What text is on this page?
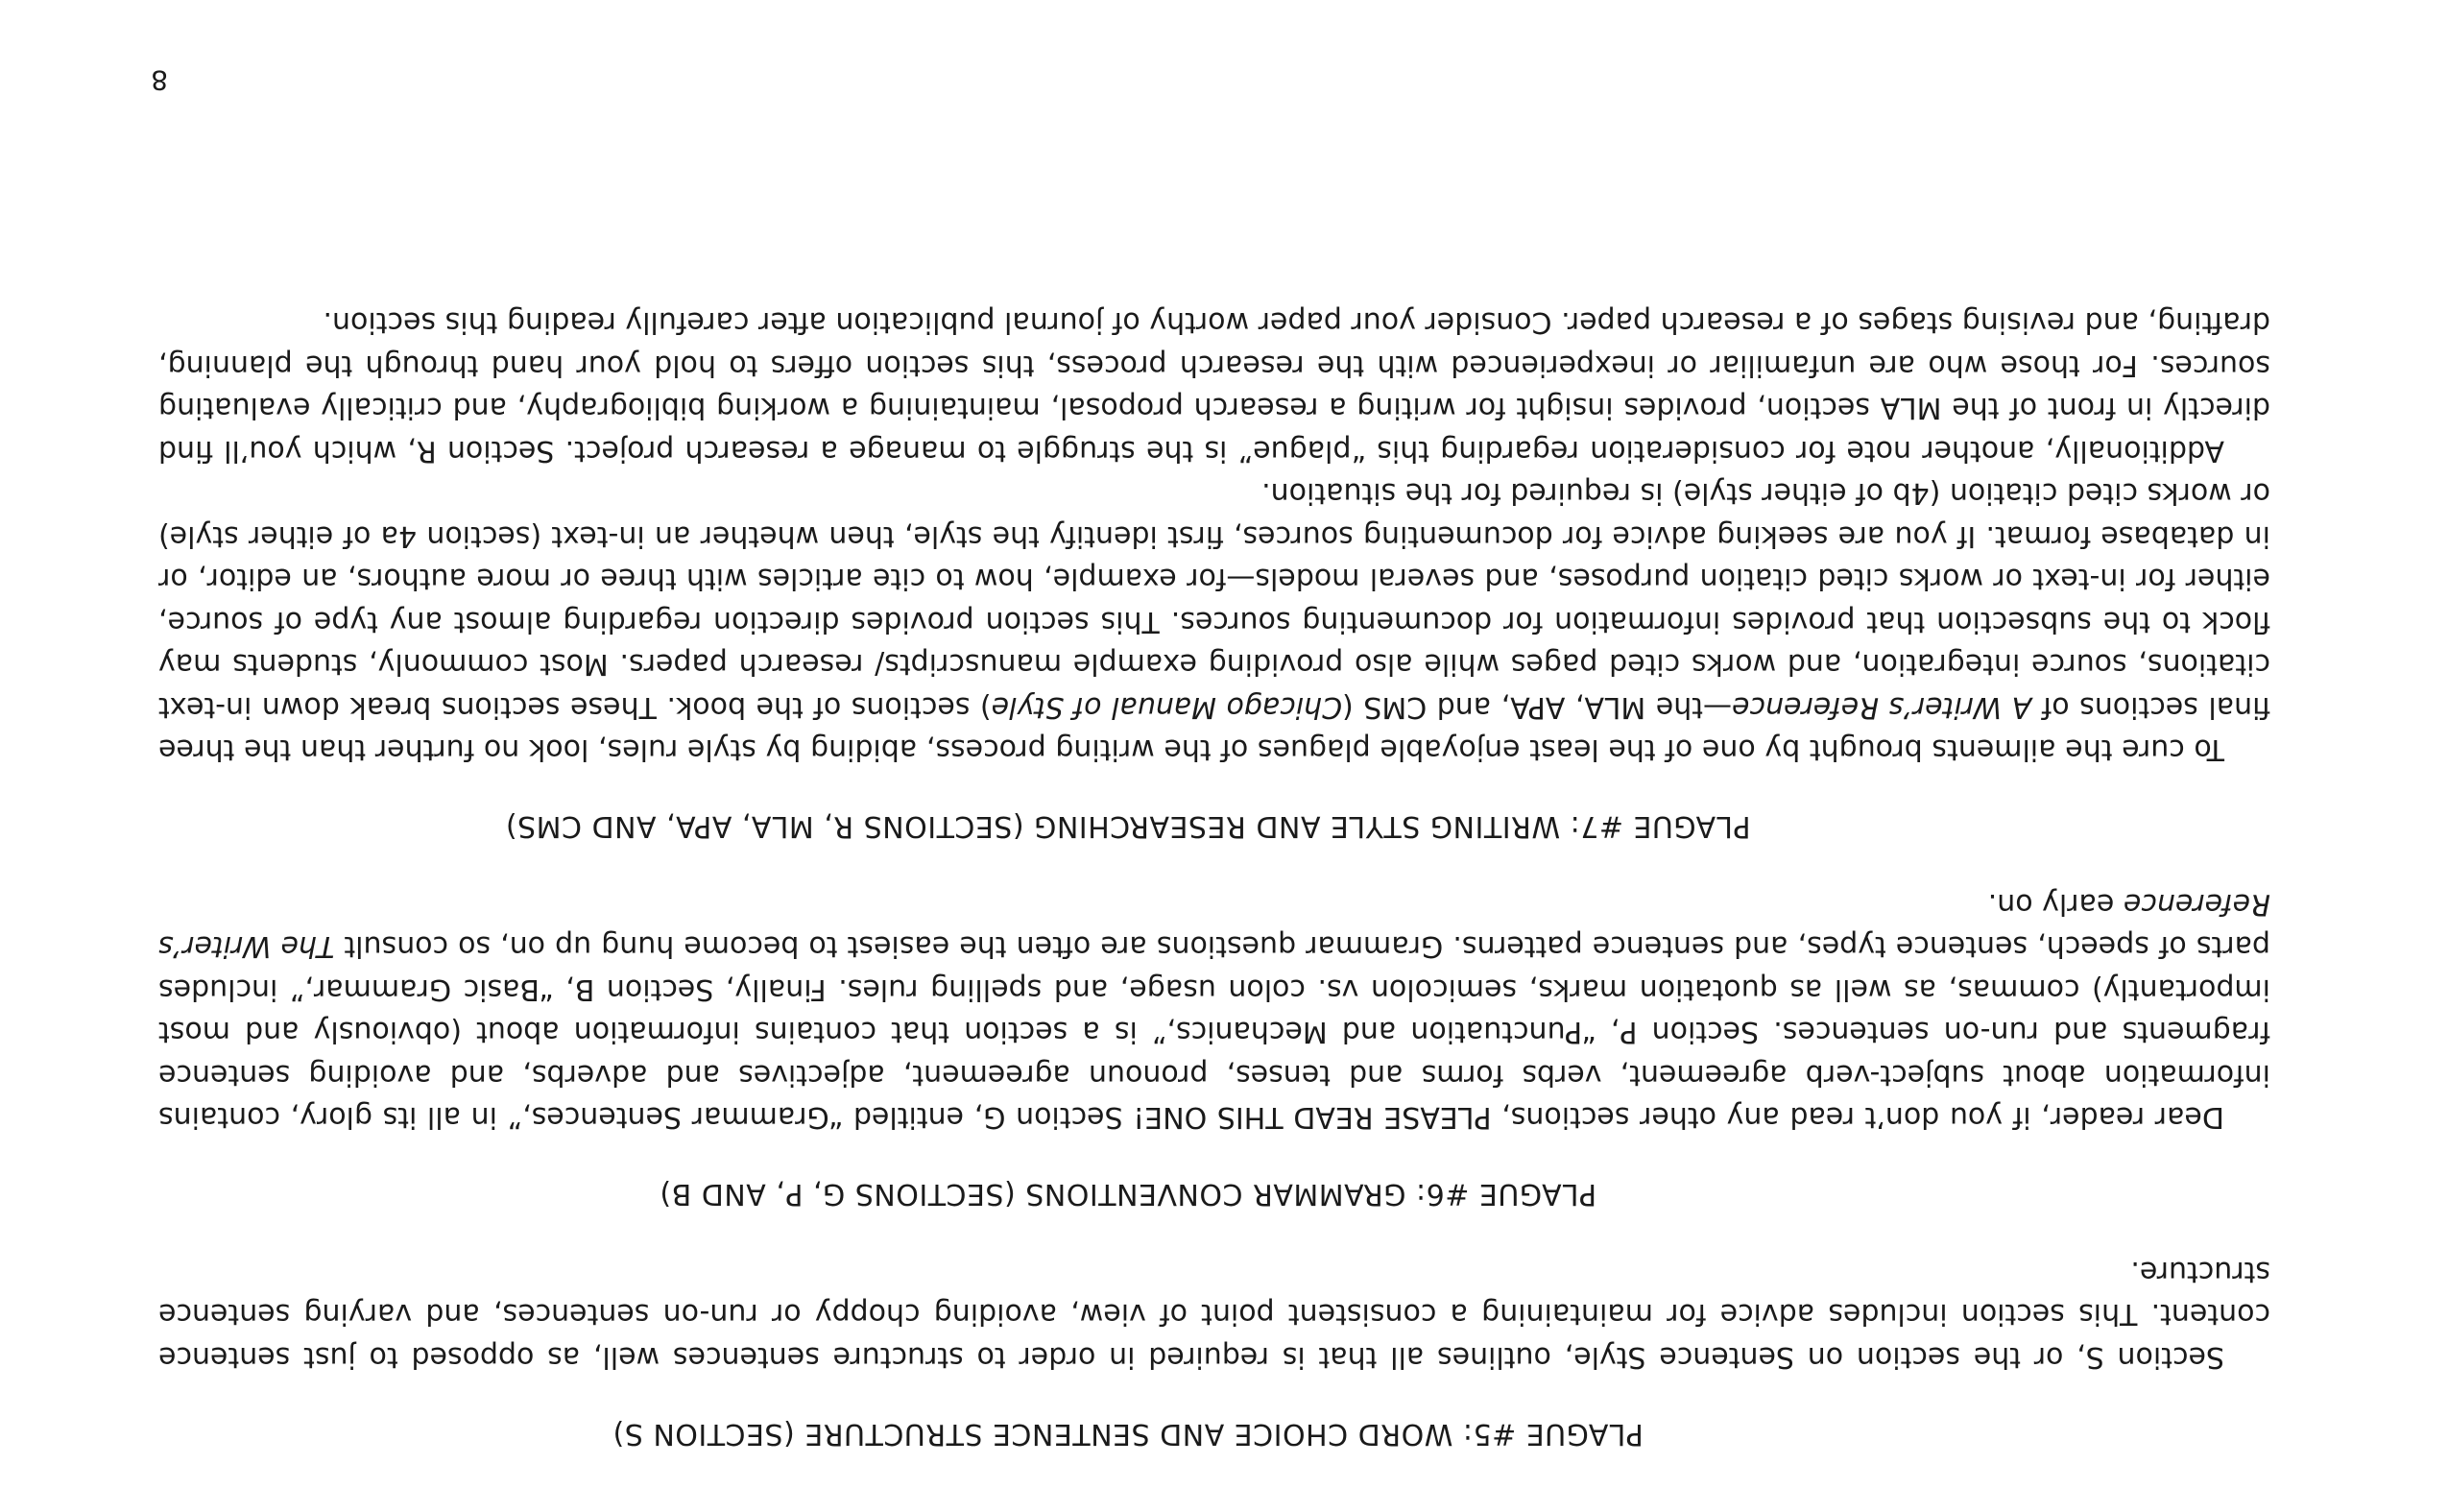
PLAGUE #5: WORD CHOICE AND SENTENCE STRUCTURE (SECTION S)

Section S, or the section on Sentence Style, outlines all that is required in order to structure sentences well, as opposed to just sentence content. This section includes advice for maintaining a consistent point of view, avoiding choppy or run-on sentences, and varying sentence structure.

PLAGUE #6: GRAMMAR CONVENTIONS (SECTIONS G, P, AND B)

Dear reader, if you don’t read any other sections, PLEASE READ THIS ONE! Section G, entitled “Grammar Sentences,” in all its glory, contains information about subject-verb agreement, verbs forms and tenses, pronoun agreement, adjectives and adverbs, and avoiding sentence fragments and run-on sentences. Section P, “Punctuation and Mechanics,” is a section that contains information about (obviously and most importantly) commas, as well as quotation marks, semicolon vs. colon usage, and spelling rules. Finally, Section B, “Basic Grammar,” includes parts of speech, sentence types, and sentence patterns. Grammar questions are often the easiest to become hung up on, so consult The Writer’s Reference early on.

PLAGUE #7: WRITING STYLE AND RESEARCHING (SECTIONS R, MLA, APA, AND CMS)

To cure the ailments brought by one of the least enjoyable plagues of the writing process, abiding by style rules, look no further than the three final sections of A Writer’s Reference—the MLA, APA, and CMS (Chicago Manual of Style) sections of the book. These sections break down in-text citations, source integration, and works cited pages while also providing example manuscripts/ research papers. Most commonly, students may flock to the subsection that provides information for documenting sources. This section provides direction regarding almost any type of source, either for in-text or works cited citation purposes, and several models—for example, how to cite articles with three or more authors, an editor, or in database format. If you are seeking advice for documenting sources, first identify the style, then whether an in-text (section 4a of either style) or works cited citation (4b of either style) is required for the situation.

Additionally, another note for consideration regarding this “plague” is the struggle to manage a research project. Section R, which you’ll find directly in front of the MLA section, provides insight for writing a research proposal, maintaining a working bibliography, and critically evaluating sources. For those who are unfamiliar or inexperienced with the research process, this section offers to hold your hand through the planning, drafting, and revising stages of a research paper. Consider your paper worthy of journal publication after carefully reading this section.

8
